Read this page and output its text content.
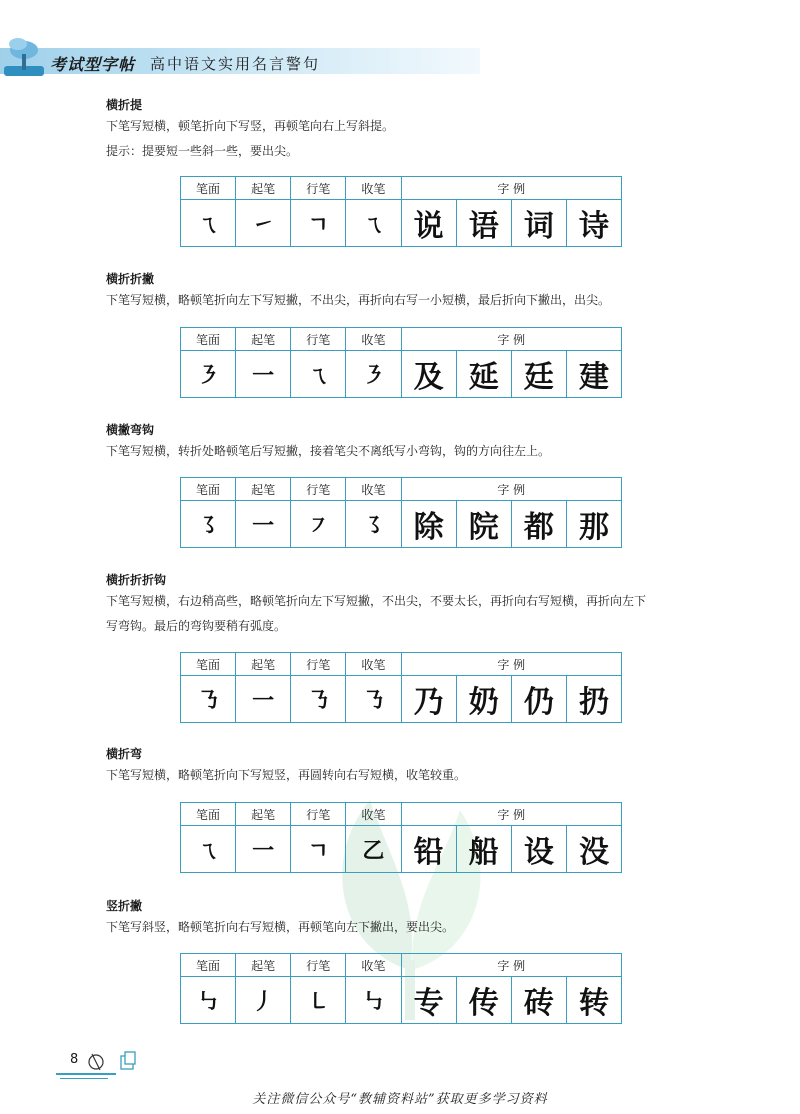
考试型字帖 高中语文实用名言警句
横折提
下笔写短横，顿笔折向下写竖，再顿笔向右上写斜提。
提示：提要短一些斜一些，要出尖。
笔面	起笔	行笔	收笔	字 例			
ㄟ	㇀	ㄱ	ㄟ	说	语	词	诗
横折折撇
下笔写短横，略顿笔折向左下写短撇，不出尖，再折向右写一小短横，最后折向下撇出，出尖。
笔面	起笔	行笔	收笔	字 例			
㇋	一	ㄟ	㇋	及	延	廷	建
横撇弯钩
下笔写短横，转折处略顿笔后写短撇，接着笔尖不离纸写小弯钩，钩的方向往左上。
笔面	起笔	行笔	收笔	字 例			
㇌	一	㇇	㇌	除	院	都	那
横折折折钩
下笔写短横，右边稍高些，略顿笔折向左下写短撇，不出尖，不要太长，再折向右写短横，再折向左下
写弯钩。最后的弯钩要稍有弧度。
笔面	起笔	行笔	收笔	字 例			
㇡	一	㇡	㇡	乃	奶	仍	扔
横折弯
下笔写短横，略顿笔折向下写短竖，再圆转向右写短横，收笔较重。
笔面	起笔	行笔	收笔	字 例			
ㄟ	一	ㄱ	乙	铅	船	设	没
竖折撇
下笔写斜竖，略顿笔折向右写短横，再顿笔向左下撇出，要出尖。
笔面	起笔	行笔	收笔	字 例			
㇉	丿	㇄	㇉	专	传	砖	转
8
关注微信公众号“教辅资料站”获取更多学习资料
